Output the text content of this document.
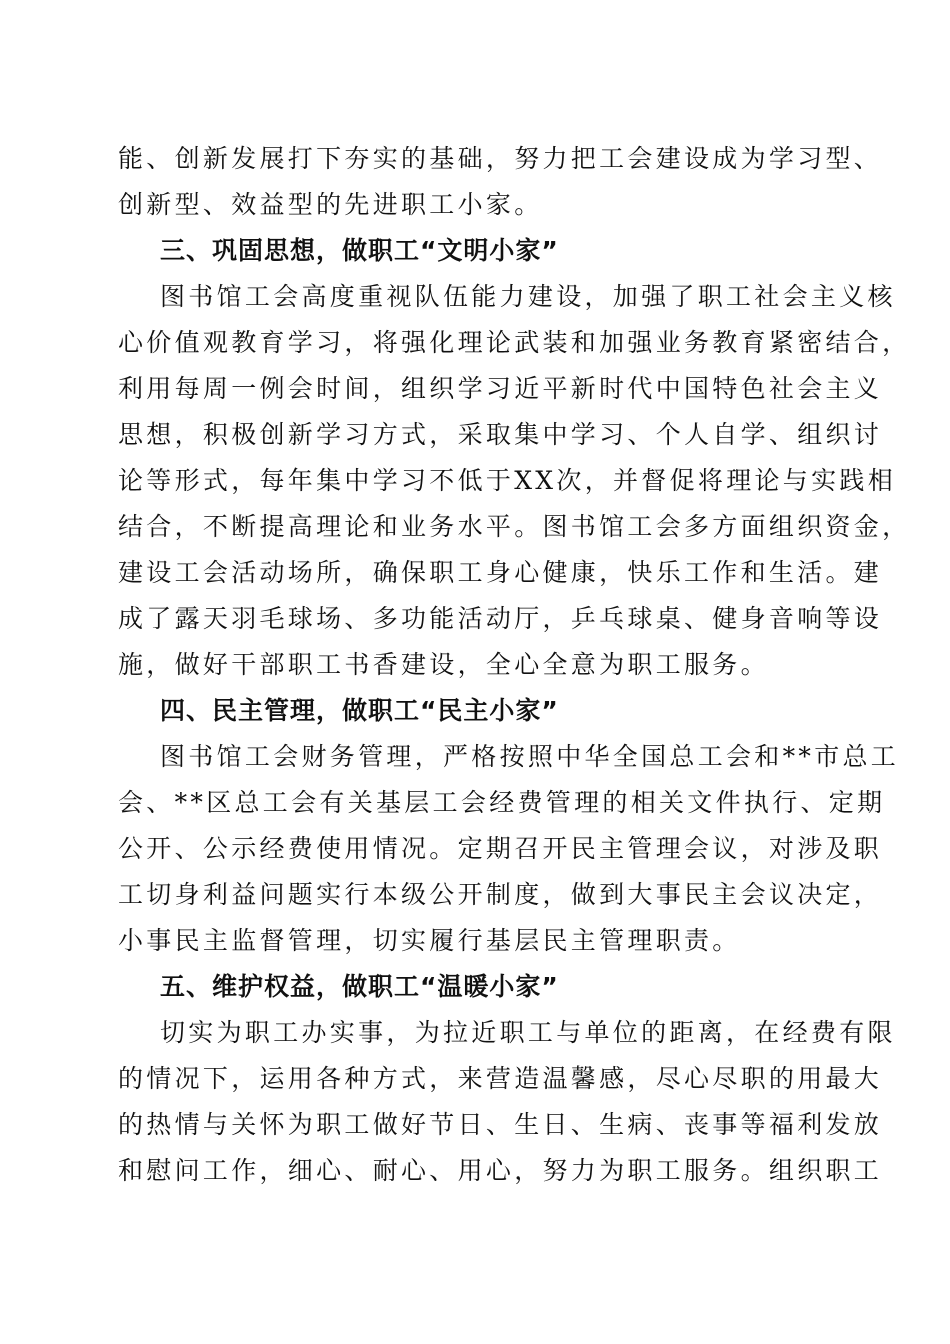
能、创新发展打下夯实的基础，努力把工会建设成为学习型、
创新型、效益型的先进职工小家。
三、巩固思想，做职工“文明小家”
图书馆工会高度重视队伍能力建设，加强了职工社会主义核
心价值观教育学习，将强化理论武装和加强业务教育紧密结合，
利用每周一例会时间，组织学习近平新时代中国特色社会主义
思想，积极创新学习方式，采取集中学习、个人自学、组织讨
论等形式，每年集中学习不低于XX次，并督促将理论与实践相
结合，不断提高理论和业务水平。图书馆工会多方面组织资金，
建设工会活动场所，确保职工身心健康，快乐工作和生活。建
成了露天羽毛球场、多功能活动厅，乒乓球桌、健身音响等设
施，做好干部职工书香建设，全心全意为职工服务。
四、民主管理，做职工“民主小家”
图书馆工会财务管理，严格按照中华全国总工会和**市总工
会、**区总工会有关基层工会经费管理的相关文件执行、定期
公开、公示经费使用情况。定期召开民主管理会议，对涉及职
工切身利益问题实行本级公开制度，做到大事民主会议决定，
小事民主监督管理，切实履行基层民主管理职责。
五、维护权益，做职工“温暖小家”
切实为职工办实事，为拉近职工与单位的距离，在经费有限
的情况下，运用各种方式，来营造温馨感，尽心尽职的用最大
的热情与关怀为职工做好节日、生日、生病、丧事等福利发放
和慰问工作，细心、耐心、用心，努力为职工服务。组织职工
